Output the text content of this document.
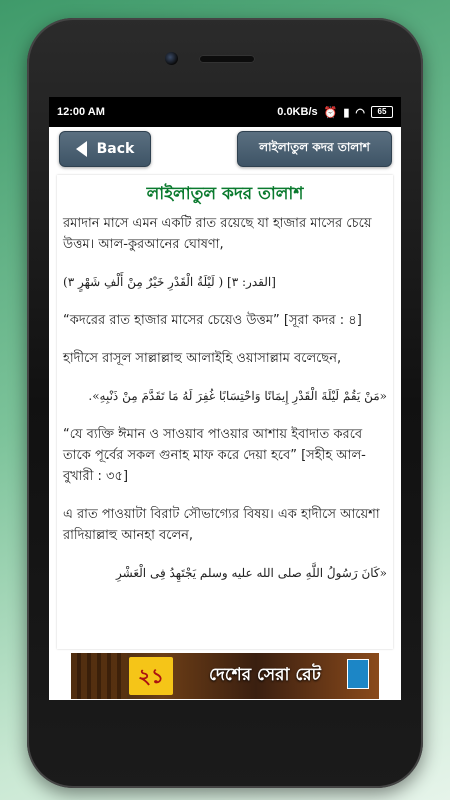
12:00 AM	0.0KB/s ⏰ ▮ ◠	65
Back	লাইলাতুল কদর তালাশ
লাইলাতুল কদর তালাশ

রমাদান মাসে এমন একটি রাত রয়েছে যা হাজার মাসের চেয়ে উত্তম। আল-কুরআনের ঘোষণা,

(لَيْلَةُ الْقَدْرِ خَيْرٌ مِنْ أَلْفِ شَهْرٍ ٣ ) [القدر: ٣]

“কদরের রাত হাজার মাসের চেয়েও উত্তম” [সূরা কদর : ৪]

হাদীসে রাসূল সাল্লাল্লাহু আলাইহি ওয়াসাল্লাম বলেছেন,

«مَنْ يَقُمْ لَيْلَةَ الْقَدْرِ إِيمَانًا وَاحْتِسَابًا غُفِرَ لَهُ مَا تَقَدَّمَ مِنْ ذَنْبِهِ».

“যে ব্যক্তি ঈমান ও সাওয়াব পাওয়ার আশায় ইবাদাত করবে তাকে পূর্বের সকল গুনাহ মাফ করে দেয়া হবে” [সহীহ আল-বুখারী : ৩৫]

এ রাত পাওয়াটা বিরাট সৌভাগ্যের বিষয়। এক হাদীসে আয়েশা রাদিয়াল্লাহু আনহা বলেন,

«كَانَ رَسُولُ اللَّهِ صلى الله عليه وسلم يَجْتَهِدُ فِى الْعَشْرِ

২১	দেশের সেরা রেট
